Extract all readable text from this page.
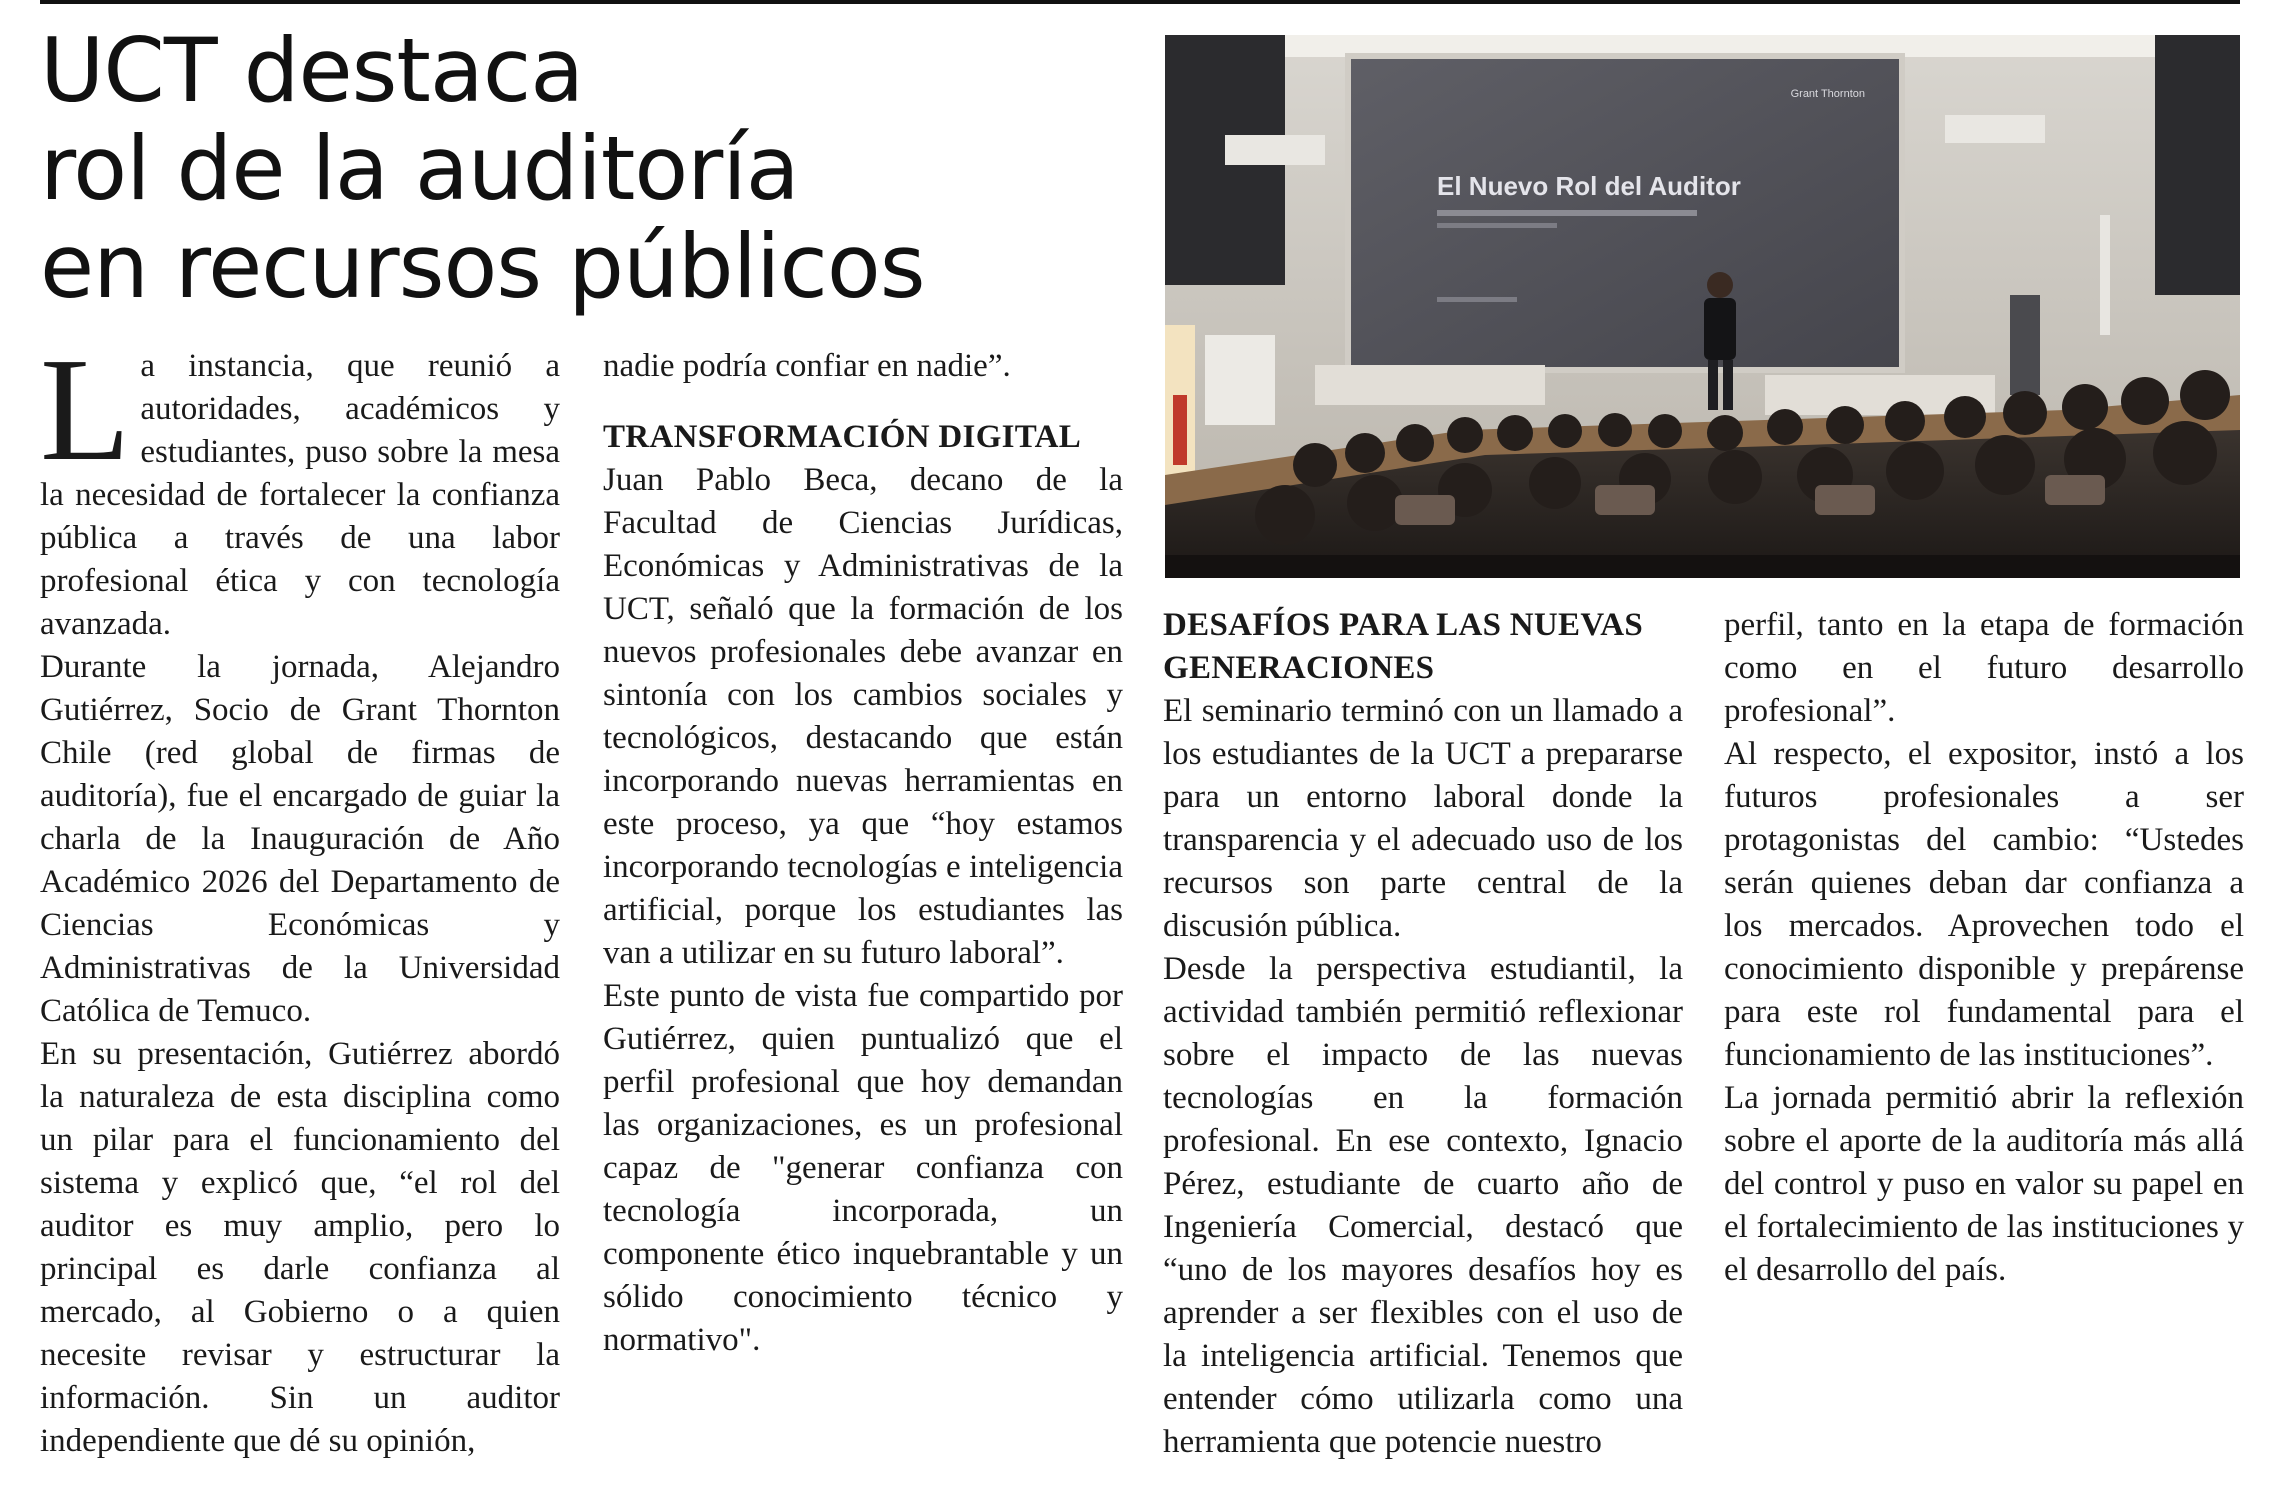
UCT destaca
rol de la auditoría
en recursos públicos
Grant Thornton
El Nuevo Rol del Auditor

La instancia, que reunió a autoridades, académicos y estudiantes, puso sobre la mesa la necesidad de fortalecer la confianza pública a través de una labor profesional ética y con tecnología avanzada.

Durante la jornada, Alejandro Gutiérrez, Socio de Grant Thornton Chile (red global de firmas de auditoría), fue el encargado de guiar la charla de la Inauguración de Año Académico 2026 del Departamento de Ciencias Económicas y Administrativas de la Universidad Católica de Temuco.

En su presentación, Gutiérrez abordó la naturaleza de esta disciplina como un pilar para el funcionamiento del sistema y explicó que, “el rol del auditor es muy amplio, pero lo principal es darle confianza al mercado, al Gobierno o a quien necesite revisar y estructurar la información. Sin un auditor independiente que dé su opinión,

nadie podría confiar en nadie”.

TRANSFORMACIÓN DIGITAL

Juan Pablo Beca, decano de la Facultad de Ciencias Jurídicas, Económicas y Administrativas de la UCT, señaló que la formación de los nuevos profesionales debe avanzar en sintonía con los cambios sociales y tecnológicos, destacando que están incorporando nuevas herramientas en este proceso, ya que “hoy estamos incorporando tecnologías e inteligencia artificial, porque los estudiantes las van a utilizar en su futuro laboral”.

Este punto de vista fue compartido por Gutiérrez, quien puntualizó que el perfil profesional que hoy demandan las organizaciones, es un profesional capaz de "generar confianza con tecnología incorporada, un componente ético inquebrantable y un sólido conocimiento técnico y normativo".

DESAFÍOS PARA LAS NUEVAS GENERACIONES

El seminario terminó con un llamado a los estudiantes de la UCT a prepararse para un entorno laboral donde la transparencia y el adecuado uso de los recursos son parte central de la discusión pública.

Desde la perspectiva estudiantil, la actividad también permitió reflexionar sobre el impacto de las nuevas tecnologías en la formación profesional. En ese contexto, Ignacio Pérez, estudiante de cuarto año de Ingeniería Comercial, destacó que “uno de los mayores desafíos hoy es aprender a ser flexibles con el uso de la inteligencia artificial. Tenemos que entender cómo utilizarla como una herramienta que potencie nuestro

perfil, tanto en la etapa de formación como en el futuro desarrollo profesional”.

Al respecto, el expositor, instó a los futuros profesionales a ser protagonistas del cambio: “Ustedes serán quienes deban dar confianza a los mercados. Aprovechen todo el conocimiento disponible y prepárense para este rol fundamental para el funcionamiento de las instituciones”.

La jornada permitió abrir la reflexión sobre el aporte de la auditoría más allá del control y puso en valor su papel en el fortalecimiento de las instituciones y el desarrollo del país.
